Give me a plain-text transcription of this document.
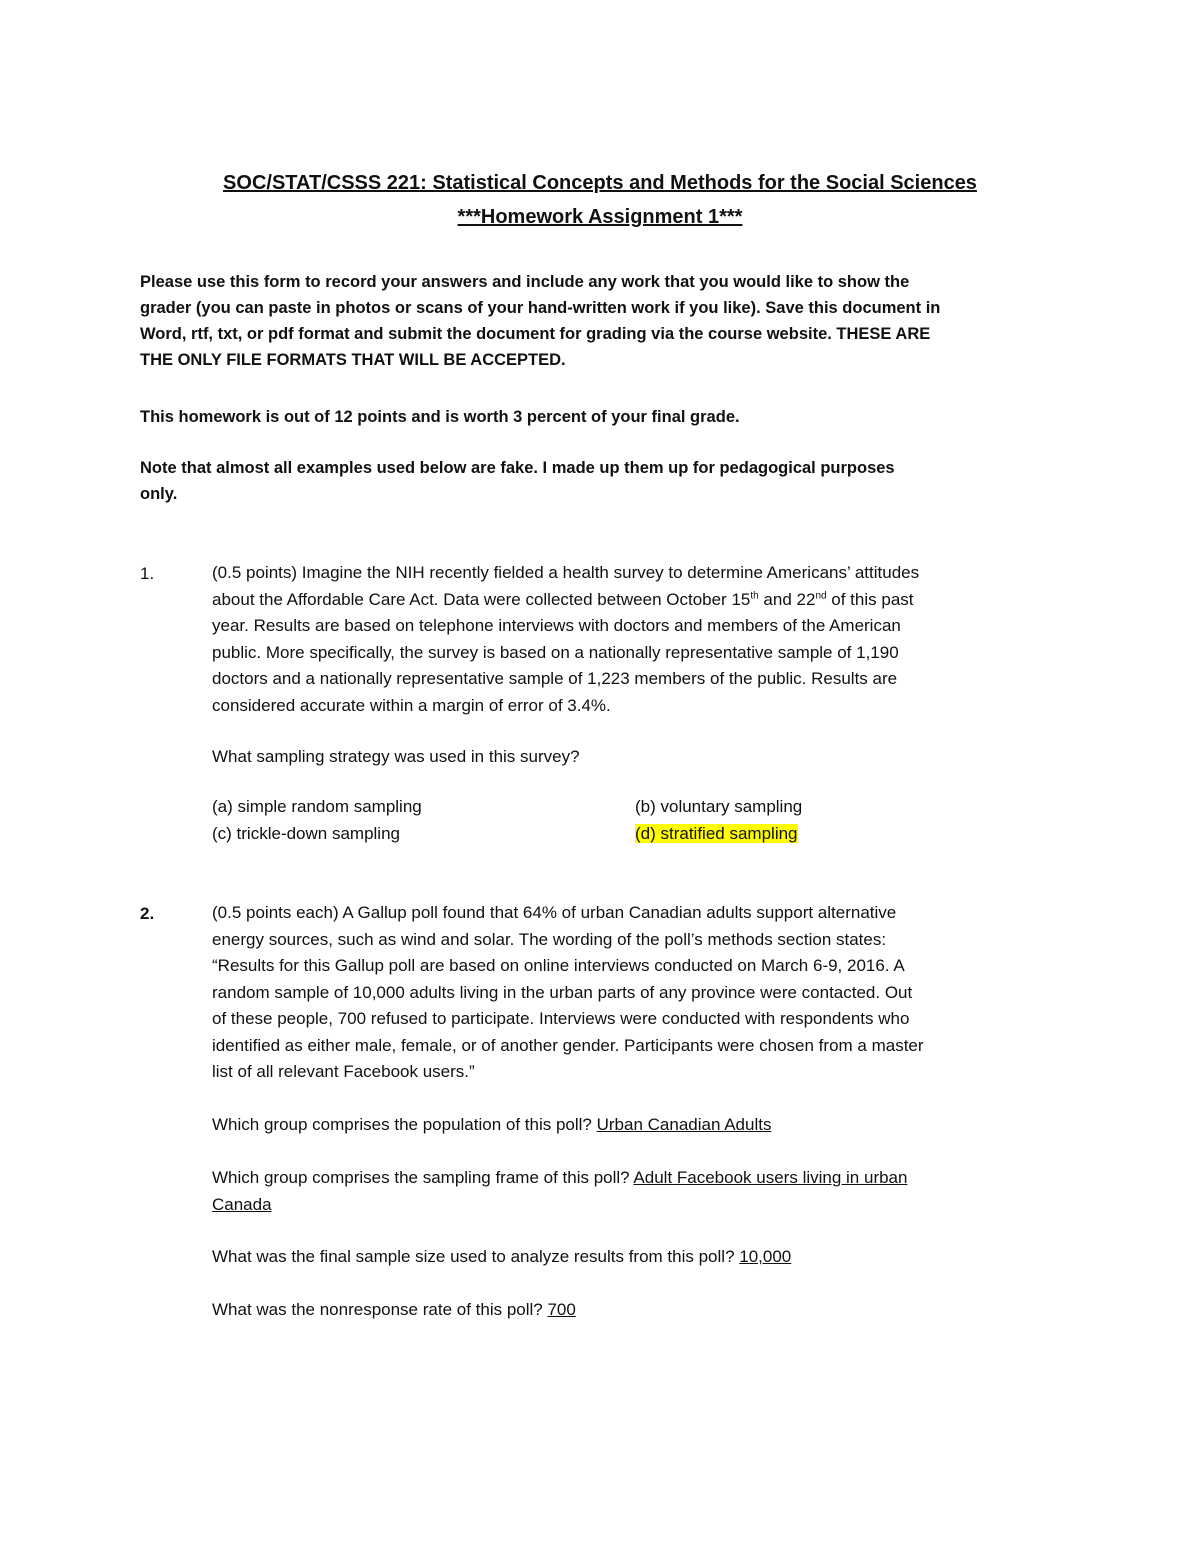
SOC/STAT/CSSS 221: Statistical Concepts and Methods for the Social Sciences
***Homework Assignment 1***
Please use this form to record your answers and include any work that you would like to show the
grader (you can paste in photos or scans of your hand-written work if you like). Save this document in
Word, rtf, txt, or pdf format and submit the document for grading via the course website. THESE ARE
THE ONLY FILE FORMATS THAT WILL BE ACCEPTED.
This homework is out of 12 points and is worth 3 percent of your final grade.
Note that almost all examples used below are fake. I made up them up for pedagogical purposes
only.
1.	(0.5 points) Imagine the NIH recently fielded a health survey to determine Americans’ attitudes
about the Affordable Care Act. Data were collected between October 15th and 22nd of this past
year. Results are based on telephone interviews with doctors and members of the American
public. More specifically, the survey is based on a nationally representative sample of 1,190
doctors and a nationally representative sample of 1,223 members of the public. Results are
considered accurate within a margin of error of 3.4%.
What sampling strategy was used in this survey?
(a) simple random sampling	(b) voluntary sampling
(c) trickle-down sampling	(d) stratified sampling
2.	(0.5 points each) A Gallup poll found that 64% of urban Canadian adults support alternative
energy sources, such as wind and solar. The wording of the poll’s methods section states:
“Results for this Gallup poll are based on online interviews conducted on March 6-9, 2016. A
random sample of 10,000 adults living in the urban parts of any province were contacted. Out
of these people, 700 refused to participate. Interviews were conducted with respondents who
identified as either male, female, or of another gender. Participants were chosen from a master
list of all relevant Facebook users.”
Which group comprises the population of this poll? Urban Canadian Adults
Which group comprises the sampling frame of this poll? Adult Facebook users living in urban
Canada
What was the final sample size used to analyze results from this poll? 10,000
What was the nonresponse rate of this poll? 700
